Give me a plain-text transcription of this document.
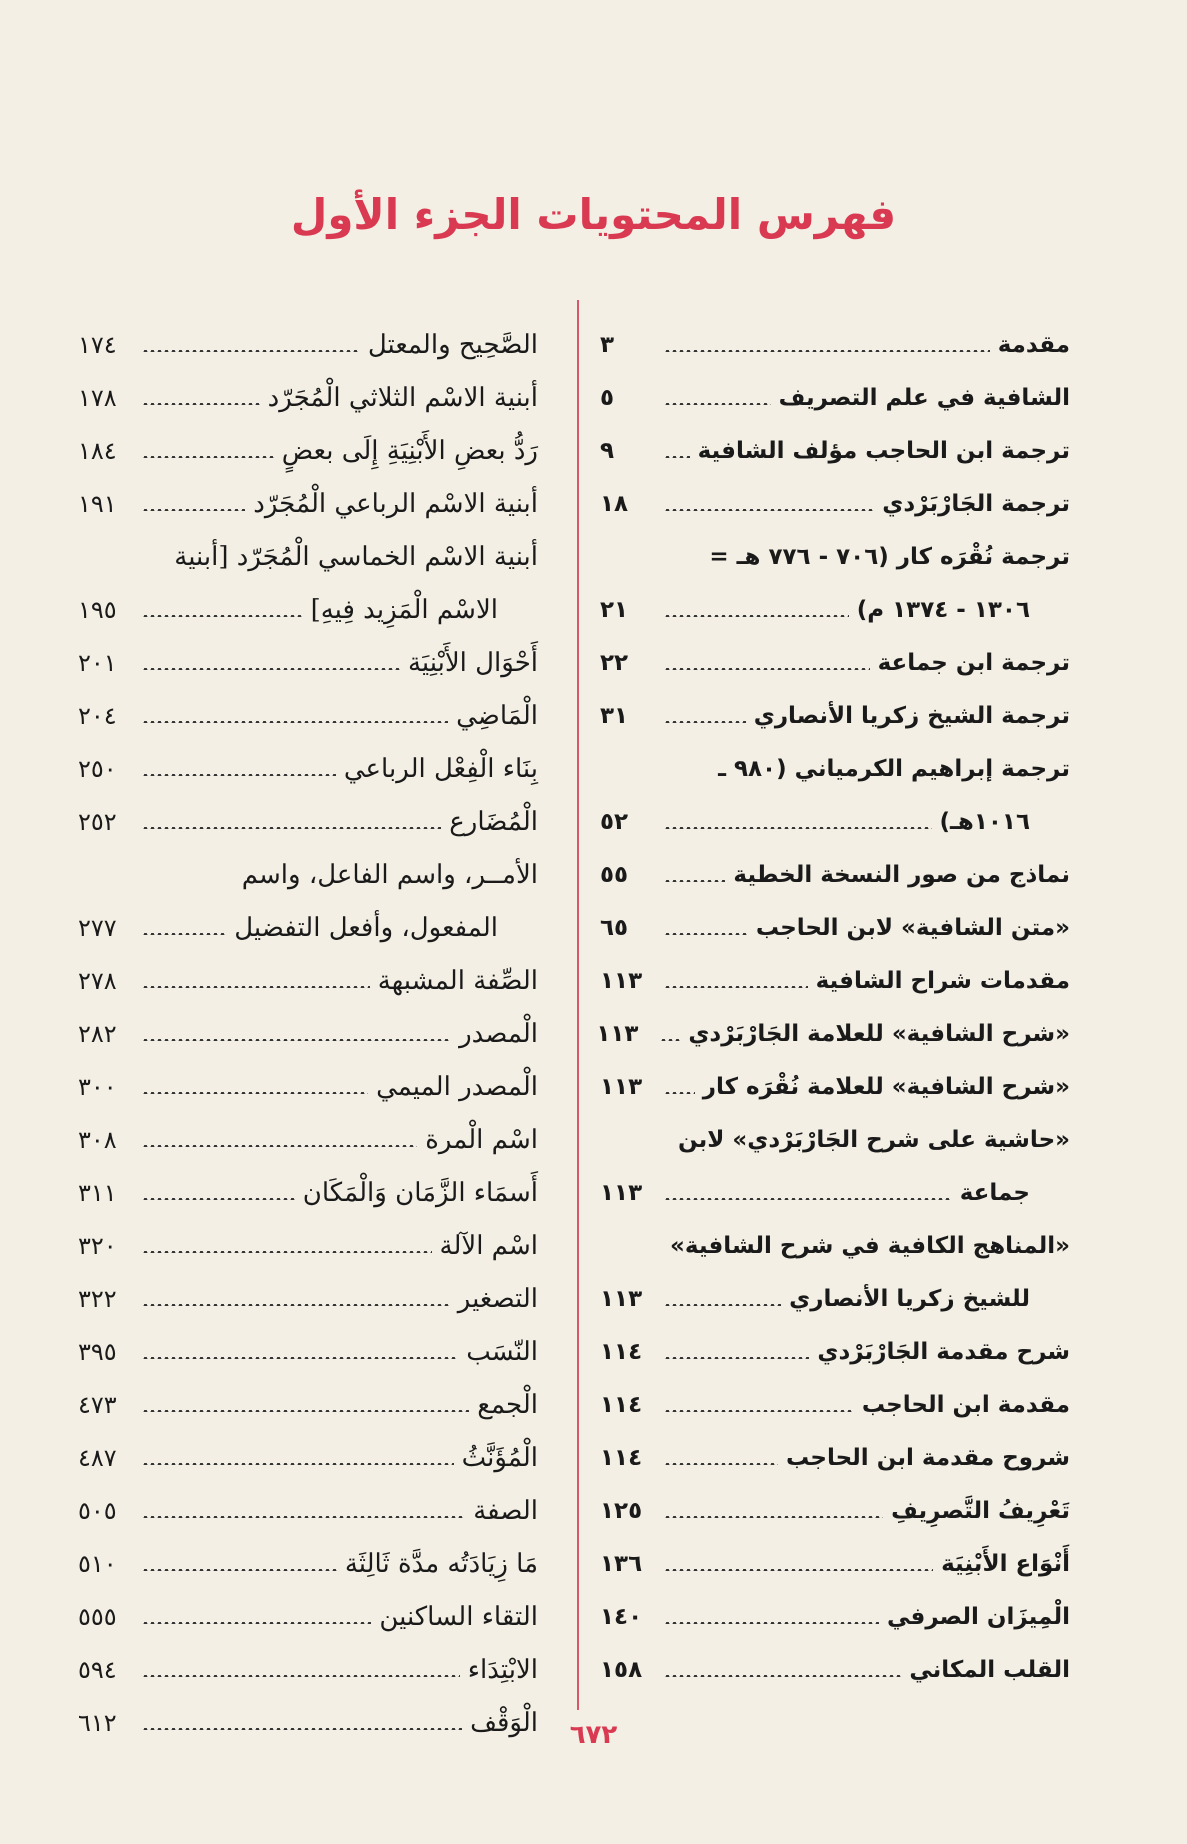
فهرس المحتويات الجزء الأول
مقدمة
٣
الشافية في علم التصريف
٥
ترجمة ابن الحاجب مؤلف الشافية
٩
ترجمة الجَارْبَرْدي
١٨
ترجمة نُقْرَه كار (٧٠٦ - ٧٧٦ هـ =
١٣٠٦ - ١٣٧٤ م)
٢١
ترجمة ابن جماعة
٢٢
ترجمة الشيخ زكريا الأنصاري
٣١
ترجمة إبراهيم الكرمياني (٩٨٠ ـ
١٠١٦هـ)
٥٢
نماذج من صور النسخة الخطية
٥٥
«متن الشافية» لابن الحاجب
٦٥
مقدمات شراح الشافية
١١٣
«شرح الشافية» للعلامة الجَارْبَرْدي
١١٣
«شرح الشافية» للعلامة نُقْرَه كار
١١٣
«حاشية على شرح الجَارْبَرْدي» لابن
جماعة
١١٣
«المناهج الكافية في شرح الشافية»
للشيخ زكريا الأنصاري
١١٣
شرح مقدمة الجَارْبَرْدي
١١٤
مقدمة ابن الحاجب
١١٤
شروح مقدمة ابن الحاجب
١١٤
تَعْرِيفُ التَّصرِيفِ
١٢٥
أَنْوَاع الأَبْنِيَة
١٣٦
الْمِيزَان الصرفي
١٤٠
القلب المكاني
١٥٨
الصَّحِيح والمعتل
١٧٤
أبنية الاسْم الثلاثي الْمُجَرّد
١٧٨
رَدُّ بعضِ الأَبْنِيَةِ إِلَى بعضٍ
١٨٤
أبنية الاسْم الرباعي الْمُجَرّد
١٩١
أبنية الاسْم الخماسي الْمُجَرّد [أبنية
الاسْم الْمَزِيد فِيهِ]
١٩٥
أَحْوَال الأَبْنِيَة
٢٠١
الْمَاضِي
٢٠٤
بِنَاء الْفِعْل الرباعي
٢٥٠
الْمُضَارع
٢٥٢
الأمــر، واسم الفاعل، واسم
المفعول، وأفعل التفضيل
٢٧٧
الصِّفة المشبهة
٢٧٨
الْمصدر
٢٨٢
الْمصدر الميمي
٣٠٠
اسْم الْمرة
٣٠٨
أَسمَاء الزَّمَان وَالْمَكَان
٣١١
اسْم الآلة
٣٢٠
التصغير
٣٢٢
النّسَب
٣٩٥
الْجمع
٤٧٣
الْمُؤَنَّثُ
٤٨٧
الصفة
٥٠٥
مَا زِيَادَتُه مدَّة ثَالِثَة
٥١٠
التقاء الساكنين
٥٥٥
الابْتِدَاء
٥٩٤
الْوَقْف
٦١٢	٦٧٢
